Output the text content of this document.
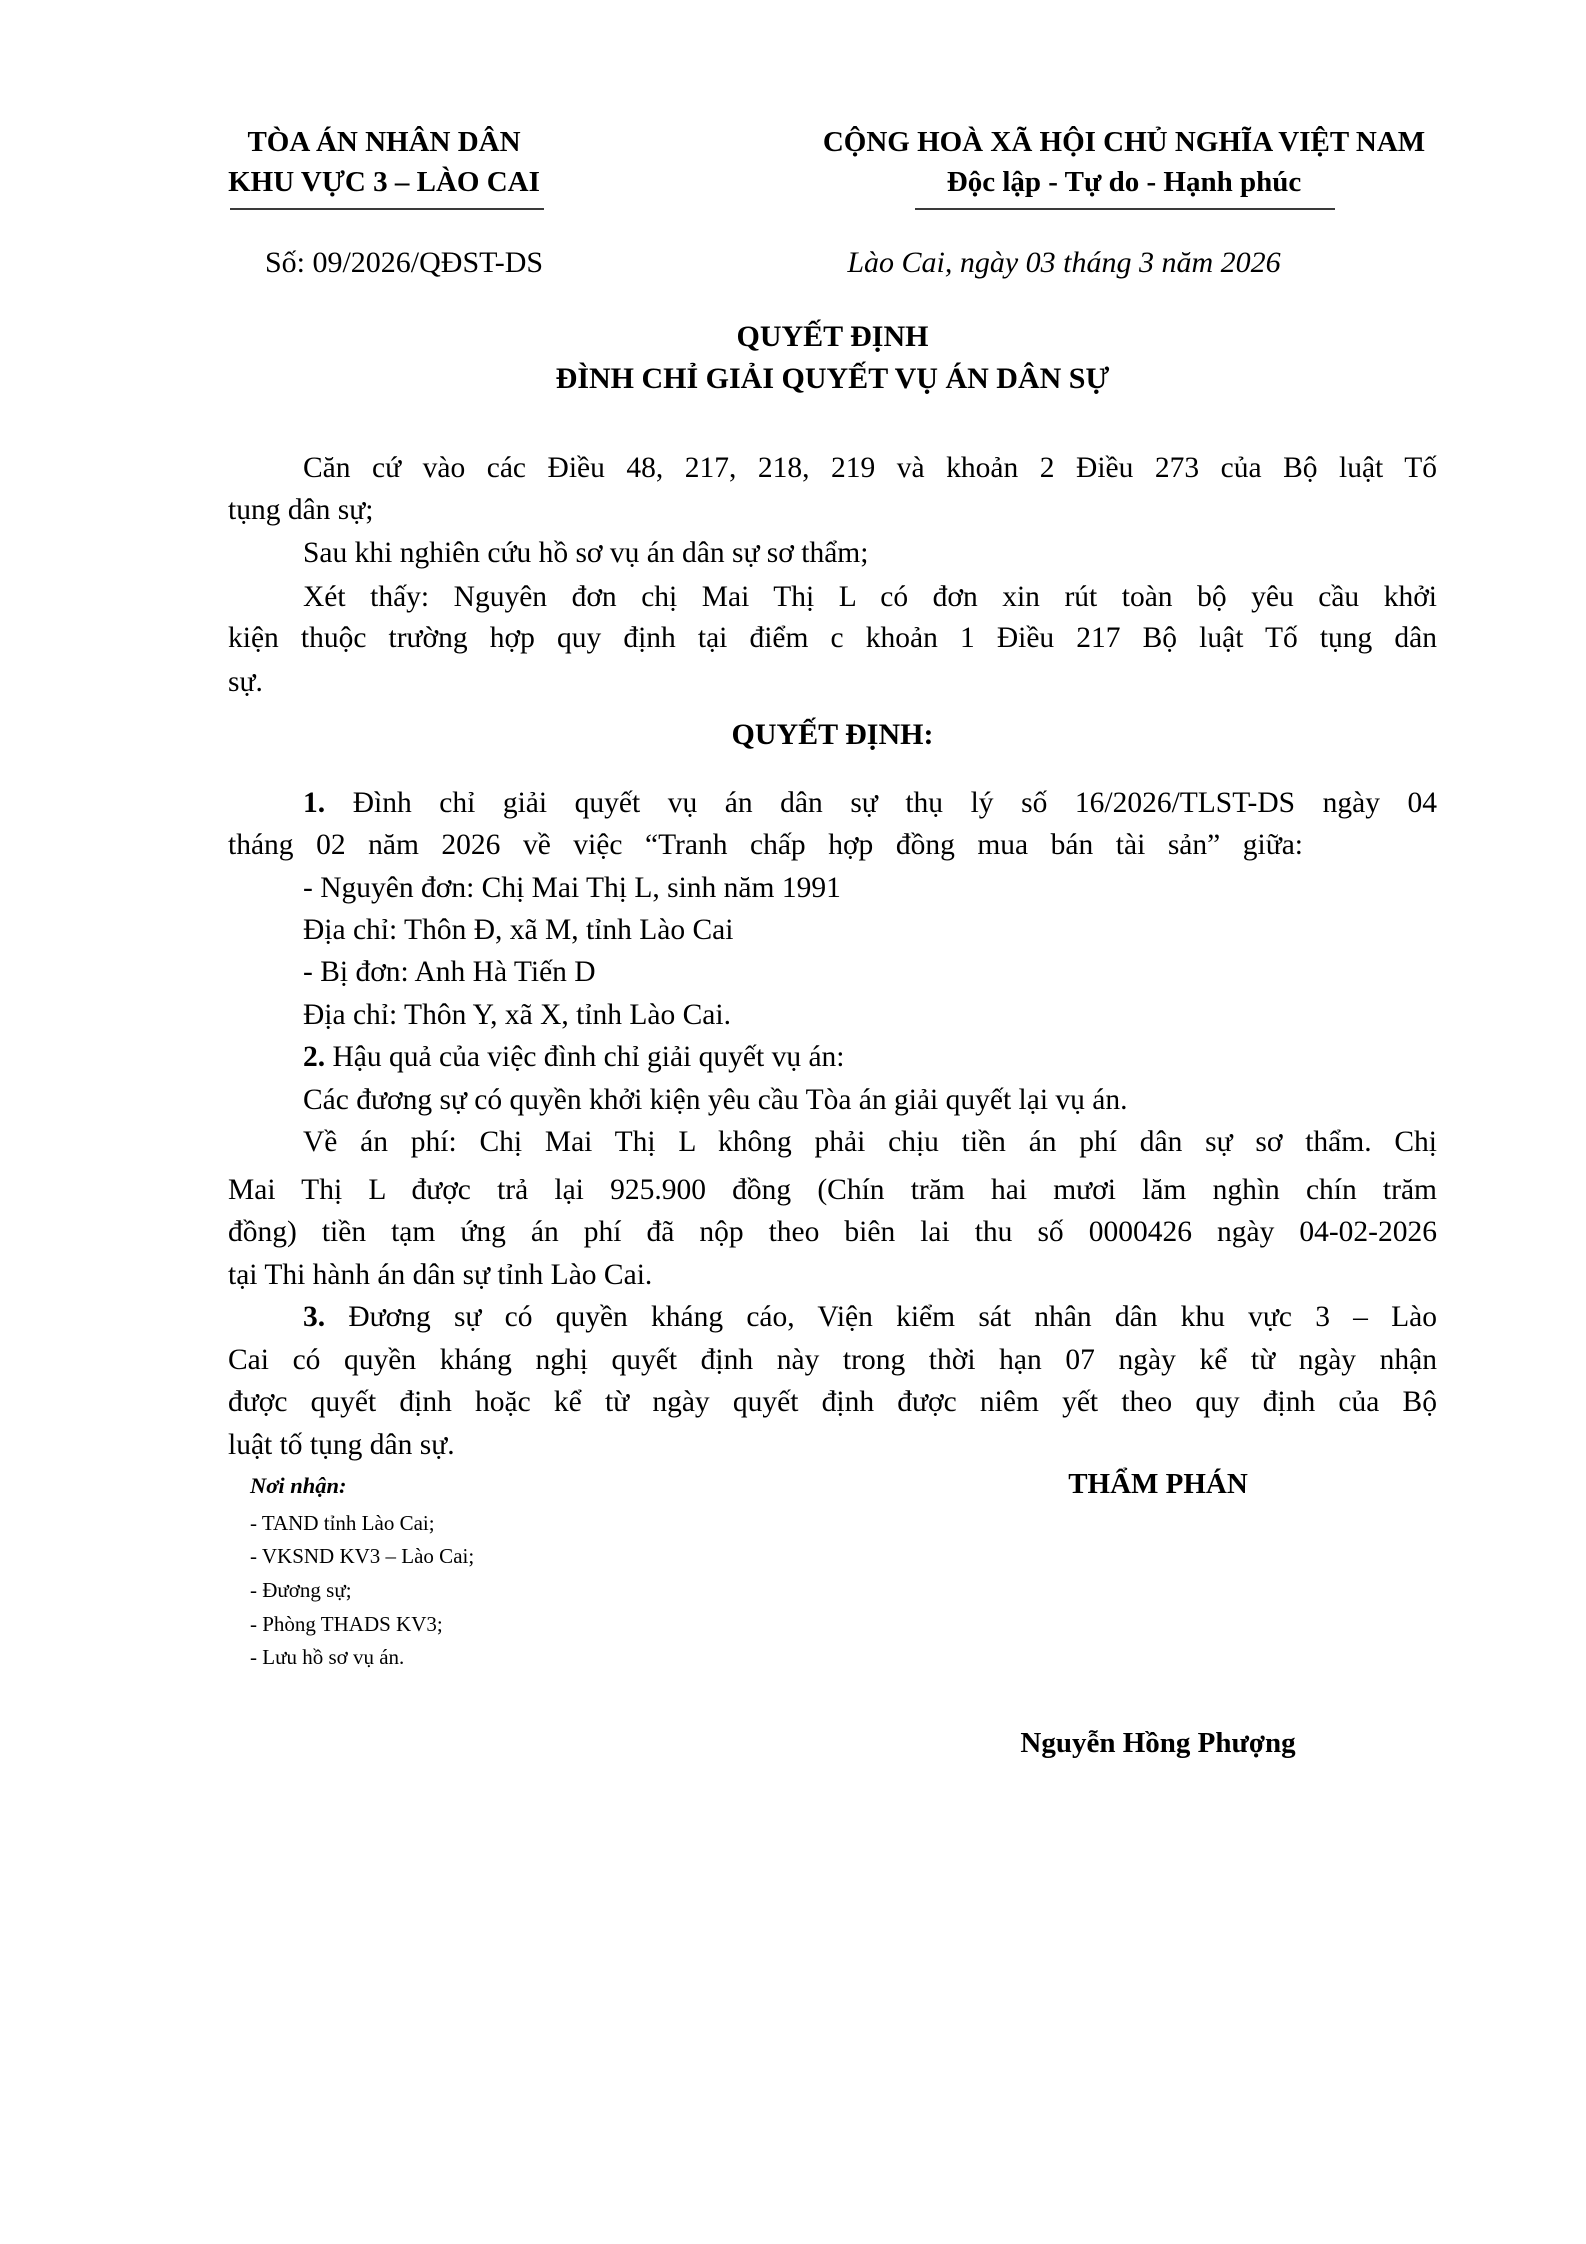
TÒA ÁN NHÂN DÂN
KHU VỰC 3 – LÀO CAI
Số: 09/2026/QĐST-DS
CỘNG HOÀ XÃ HỘI CHỦ NGHĨA VIỆT NAM
Độc lập - Tự do - Hạnh phúc
Lào Cai, ngày 03 tháng 3 năm 2026
QUYẾT ĐỊNH
ĐÌNH CHỈ GIẢI QUYẾT VỤ ÁN DÂN SỰ
Căn cứ vào các Điều 48, 217, 218, 219 và khoản 2 Điều 273 của Bộ luật Tố
tụng dân sự;
Sau khi nghiên cứu hồ sơ vụ án dân sự sơ thẩm;
Xét thấy: Nguyên đơn chị Mai Thị L có đơn xin rút toàn bộ yêu cầu khởi
kiện thuộc trường hợp quy định tại điểm c khoản 1 Điều 217 Bộ luật Tố tụng dân
sự.
QUYẾT ĐỊNH:
1. Đình chỉ giải quyết vụ án dân sự thụ lý số 16/2026/TLST-DS ngày 04
tháng 02 năm 2026 về việc “Tranh chấp hợp đồng mua bán tài sản” giữa:
- Nguyên đơn: Chị Mai Thị L, sinh năm 1991
Địa chỉ: Thôn Đ, xã M, tỉnh Lào Cai
- Bị đơn: Anh Hà Tiến D
Địa chỉ: Thôn Y, xã X, tỉnh Lào Cai.
2. Hậu quả của việc đình chỉ giải quyết vụ án:
Các đương sự có quyền khởi kiện yêu cầu Tòa án giải quyết lại vụ án.
Về án phí: Chị Mai Thị L không phải chịu tiền án phí dân sự sơ thẩm. Chị
Mai Thị L được trả lại 925.900 đồng (Chín trăm hai mươi lăm nghìn chín trăm
đồng) tiền tạm ứng án phí đã nộp theo biên lai thu số 0000426 ngày 04-02-2026
tại Thi hành án dân sự tỉnh Lào Cai.
3. Đương sự có quyền kháng cáo, Viện kiểm sát nhân dân khu vực 3 – Lào
Cai có quyền kháng nghị quyết định này trong thời hạn 07 ngày kể từ ngày nhận
được quyết định hoặc kể từ ngày quyết định được niêm yết theo quy định của Bộ
luật tố tụng dân sự.
Nơi nhận:
- TAND tỉnh Lào Cai;
- VKSND KV3 – Lào Cai;
- Đương sự;
- Phòng THADS KV3;
- Lưu hồ sơ vụ án.
THẨM PHÁN
Nguyễn Hồng Phượng
